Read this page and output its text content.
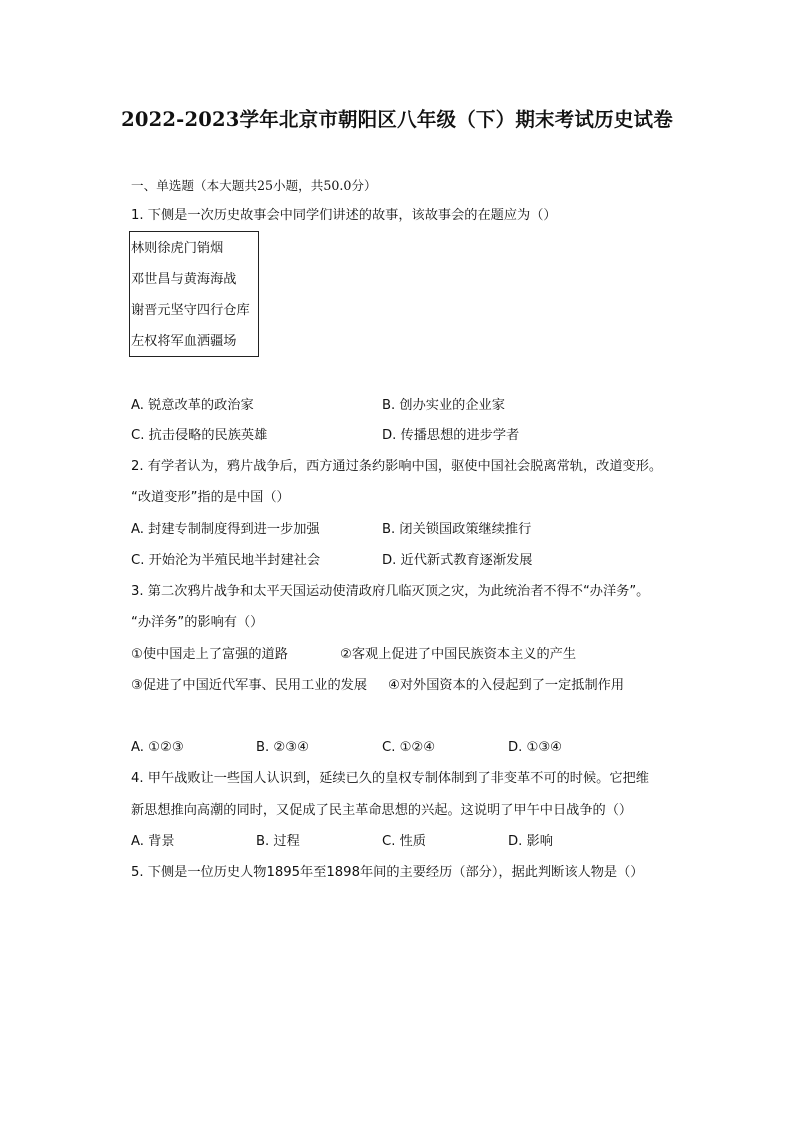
2022-2023学年北京市朝阳区八年级（下）期末考试历史试卷
一、单选题（本大题共25小题，共50.0分）
1. 下侧是一次历史故事会中同学们讲述的故事，该故事会的在题应为（）
林则徐虎门销烟
邓世昌与黄海海战
谢晋元坚守四行仓库
左权将军血洒疆场
A. 锐意改革的政治家	B. 创办实业的企业家
C. 抗击侵略的民族英雄	D. 传播思想的进步学者
2. 有学者认为，鸦片战争后，西方通过条约影响中国，驱使中国社会脱离常轨，改道变形。
“改道变形”指的是中国（）
A. 封建专制制度得到进一步加强	B. 闭关锁国政策继续推行
C. 开始沦为半殖民地半封建社会	D. 近代新式教育逐渐发展
3. 第二次鸦片战争和太平天国运动使清政府几临灭顶之灾，为此统治者不得不“办洋务”。
“办洋务”的影响有（）
①使中国走上了富强的道路	②客观上促进了中国民族资本主义的产生
③促进了中国近代军事、民用工业的发展 ④对外国资本的入侵起到了一定抵制作用
A. ①②③	B. ②③④	C. ①②④	D. ①③④
4. 甲午战败让一些国人认识到，延续已久的皇权专制体制到了非变革不可的时候。它把维
新思想推向高潮的同时，又促成了民主革命思想的兴起。这说明了甲午中日战争的（）
A. 背景	B. 过程	C. 性质	D. 影响
5. 下侧是一位历史人物1895年至1898年间的主要经历（部分），据此判断该人物是（）
